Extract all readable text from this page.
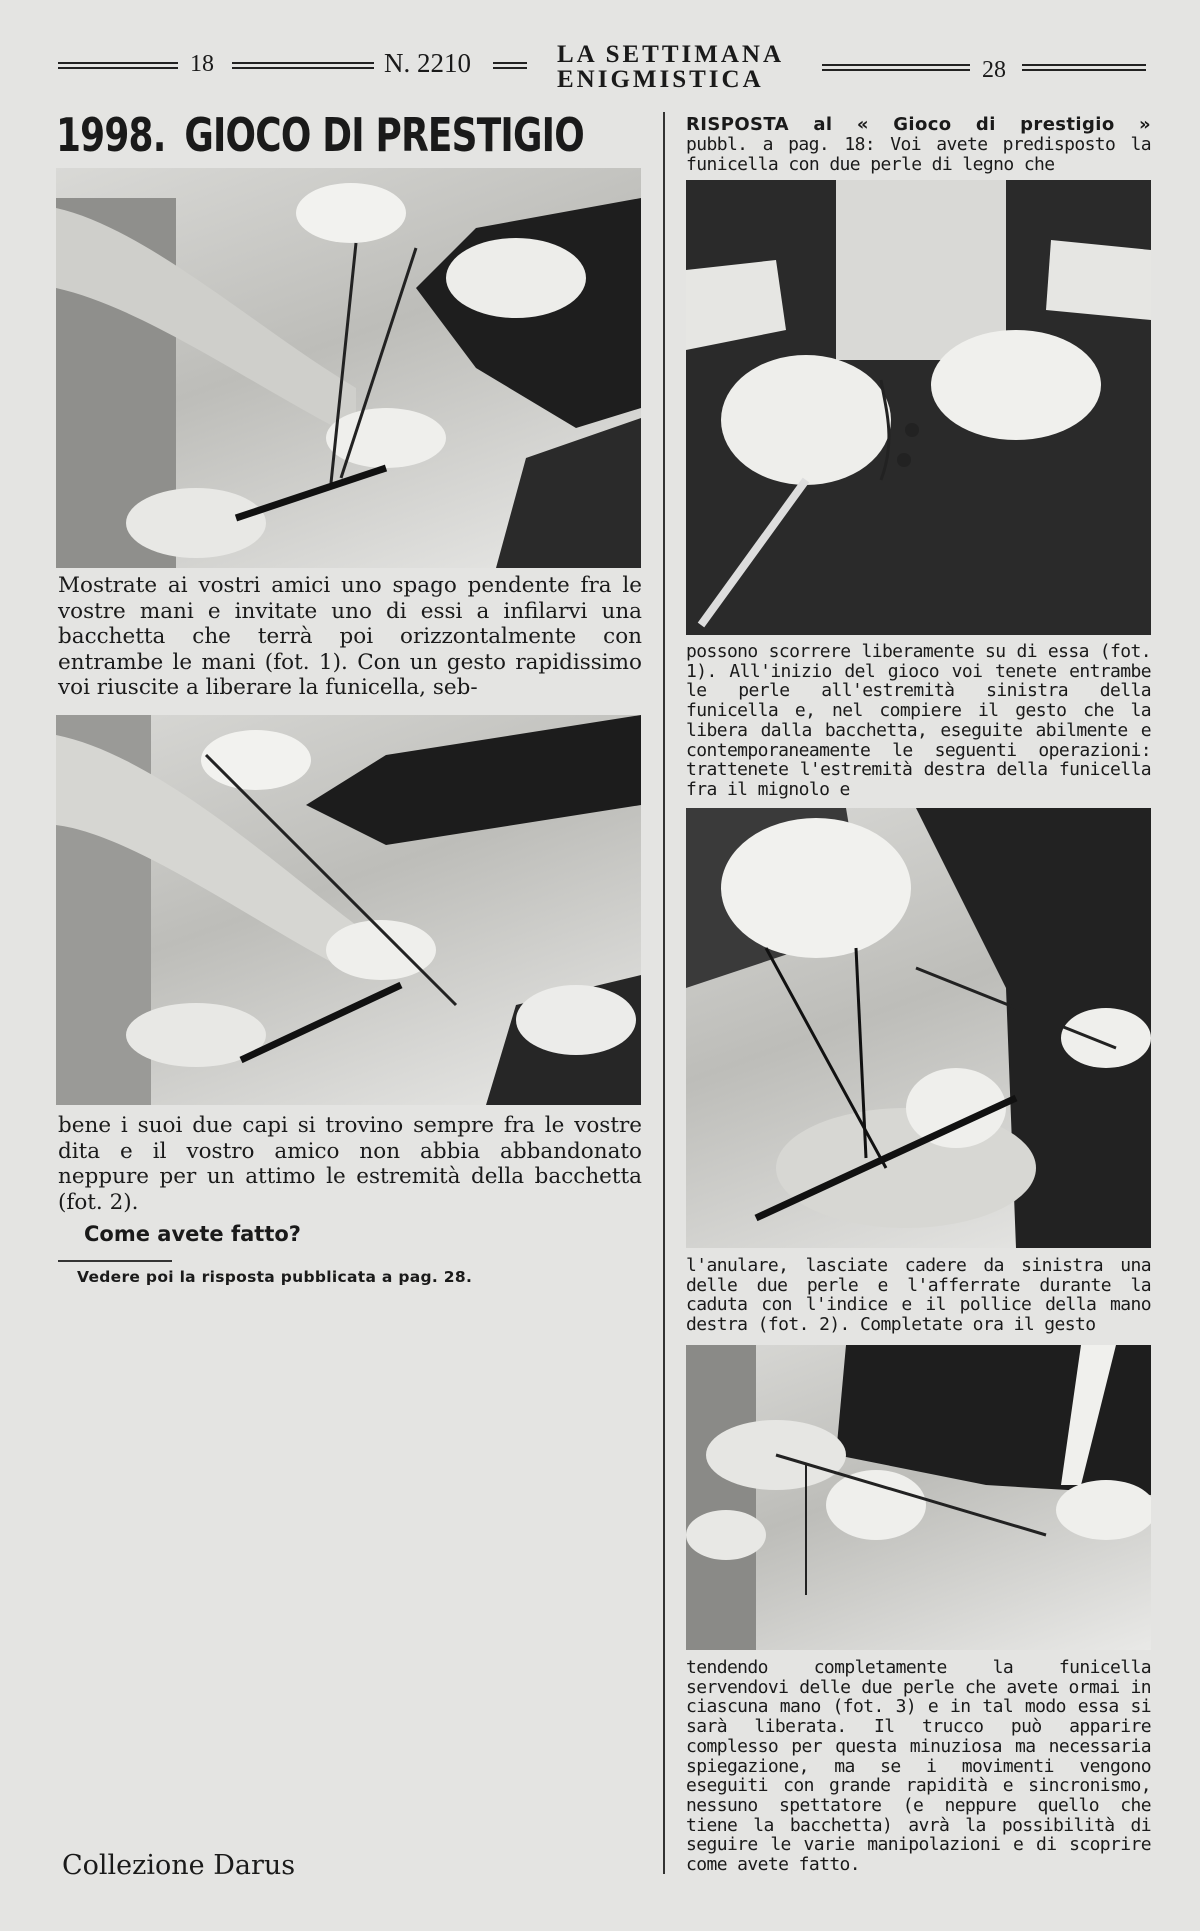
18	N. 2210	LA SETTIMANA
ENIGMISTICA	28
1998. GIOCO DI PRESTIGIO
Mostrate ai vostri amici uno spago pendente fra le vostre mani e invitate uno di essi a infilarvi una bacchetta che terrà poi orizzontalmente con entrambe le mani (fot. 1). Con un gesto rapidissimo voi riuscite a liberare la funicella, seb-
bene i suoi due capi si trovino sempre fra le vostre dita e il vostro amico non abbia abbandonato neppure per un attimo le estremità della bacchetta (fot. 2).
Come avete fatto?
Vedere poi la risposta pubblicata a pag. 28.
RISPOSTA al « Gioco di prestigio »
pubbl. a pag. 18: Voi avete predisposto la funicella con due perle di legno che
possono scorrere liberamente su di essa (fot. 1). All'inizio del gioco voi tenete entrambe le perle all'estremità sinistra della funicella e, nel compiere il gesto che la libera dalla bacchetta, eseguite abilmente e contemporaneamente le seguenti operazioni: trattenete l'estremità destra della funicella fra il mignolo e
l'anulare, lasciate cadere da sinistra una delle due perle e l'afferrate durante la caduta con l'indice e il pollice della mano destra (fot. 2). Completate ora il gesto
tendendo completamente la funicella servendovi delle due perle che avete ormai in ciascuna mano (fot. 3) e in tal modo essa si sarà liberata. Il trucco può apparire complesso per questa minuziosa ma necessaria spiegazione, ma se i movimenti vengono eseguiti con grande rapidità e sincronismo, nessuno spettatore (e neppure quello che tiene la bacchetta) avrà la possibilità di seguire le varie manipolazioni e di scoprire come avete fatto.
Collezione Darus
